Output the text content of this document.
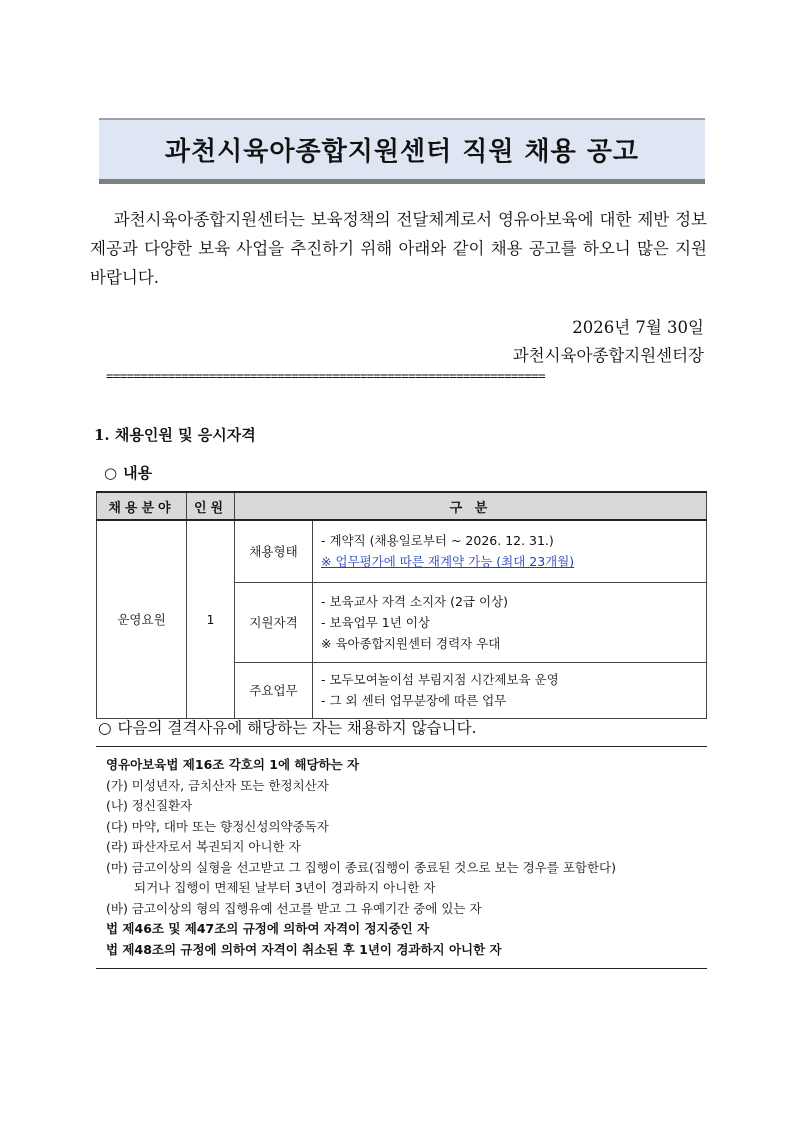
과천시육아종합지원센터 직원 채용 공고
과천시육아종합지원센터는 보육정책의 전달체계로서 영유아보육에 대한 제반 정보 제공과 다양한 보육 사업을 추진하기 위해 아래와 같이 채용 공고를 하오니 많은 지원 바랍니다.
2026년 7월 30일
과천시육아종합지원센터장
================================================================
1. 채용인원 및 응시자격
○ 내용
채용분야	인원	구 분	
운영요원	1	채용형태	- 계약직 (채용일로부터 ~ 2026. 12. 31.)
※ 업무평가에 따른 재계약 가능 (최대 23개월)

		지원자격	- 보육교사 자격 소지자 (2급 이상)
- 보육업무 1년 이상
※ 육아종합지원센터 경력자 우대

		주요업무	- 모두모여놀이섬 부림지점 시간제보육 운영
- 그 외 센터 업무분장에 따른 업무
○ 다음의 결격사유에 해당하는 자는 채용하지 않습니다.
영유아보육법 제16조 각호의 1에 해당하는 자
(가) 미성년자, 금치산자 또는 한정치산자
(나) 정신질환자
(다) 마약, 대마 또는 향정신성의약중독자
(라) 파산자로서 복권되지 아니한 자
(마) 금고이상의 실형을 선고받고 그 집행이 종료(집행이 종료된 것으로 보는 경우를 포함한다)
되거나 집행이 면제된 날부터 3년이 경과하지 아니한 자
(바) 금고이상의 형의 집행유예 선고를 받고 그 유예기간 중에 있는 자
법 제46조 및 제47조의 규정에 의하여 자격이 정지중인 자
법 제48조의 규정에 의하여 자격이 취소된 후 1년이 경과하지 아니한 자
